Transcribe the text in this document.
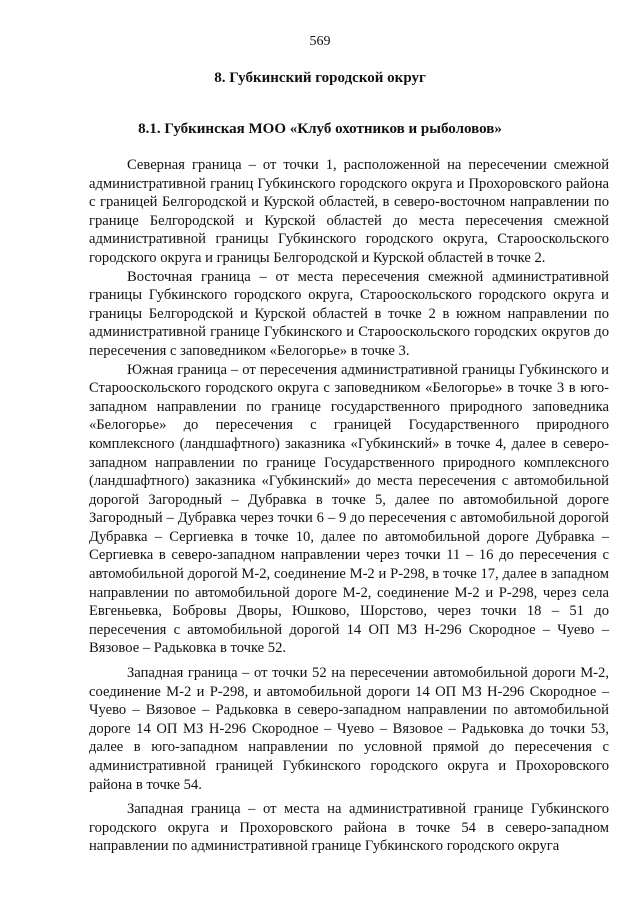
569
8. Губкинский городской округ
8.1. Губкинская МОО «Клуб охотников и рыболовов»

Северная граница – от точки 1, расположенной на пересечении смежной административной границ Губкинского городского округа и Прохоровского района с границей Белгородской и Курской областей, в северо-восточном направлении по границе Белгородской и Курской областей до места пересечения смежной административной границы Губкинского городского округа, Старооскольского городского округа и границы Белгородской и Курской областей в точке 2.

Восточная граница – от места пересечения смежной административной границы Губкинского городского округа, Старооскольского городского округа и границы Белгородской и Курской областей в точке 2 в южном направлении по административной границе Губкинского и Старооскольского городских округов до пересечения с заповедником «Белогорье» в точке 3.

Южная граница – от пересечения административной границы Губкинского и Старооскольского городского округа с заповедником «Белогорье» в точке 3 в юго-западном направлении по границе государственного природного заповедника «Белогорье» до пересечения с границей Государственного природного комплексного (ландшафтного) заказника «Губкинский» в точке 4, далее в северо-западном направлении по границе Государственного природного комплексного (ландшафтного) заказника «Губкинский» до места пересечения с автомобильной дорогой Загородный – Дубравка в точке 5, далее по автомобильной дороге Загородный – Дубравка через точки 6 – 9 до пересечения с автомобильной дорогой Дубравка – Сергиевка в точке 10, далее по автомобильной дороге Дубравка – Сергиевка в северо-западном направлении через точки 11 – 16 до пересечения с автомобильной дорогой М-2, соединение М-2 и Р-298, в точке 17, далее в западном направлении по автомобильной дороге М-2, соединение М-2 и Р-298, через села Евгеньевка, Бобровы Дворы, Юшково, Шорстово, через точки 18 – 51 до пересечения с автомобильной дорогой 14 ОП МЗ Н-296 Скородное – Чуево – Вязовое – Радьковка в точке 52.

Западная граница – от точки 52 на пересечении автомобильной дороги М-2, соединение М-2 и Р-298, и автомобильной дороги 14 ОП МЗ Н-296 Скородное – Чуево – Вязовое – Радьковка в северо-западном направлении по автомобильной дороге 14 ОП МЗ Н-296 Скородное – Чуево – Вязовое – Радьковка до точки 53, далее в юго-западном направлении по условной прямой до пересечения с административной границей Губкинского городского округа и Прохоровского района в точке 54.

Западная граница – от места на административной границе Губкинского городского округа и Прохоровского района в точке 54 в северо-западном направлении по административной границе Губкинского городского округа
